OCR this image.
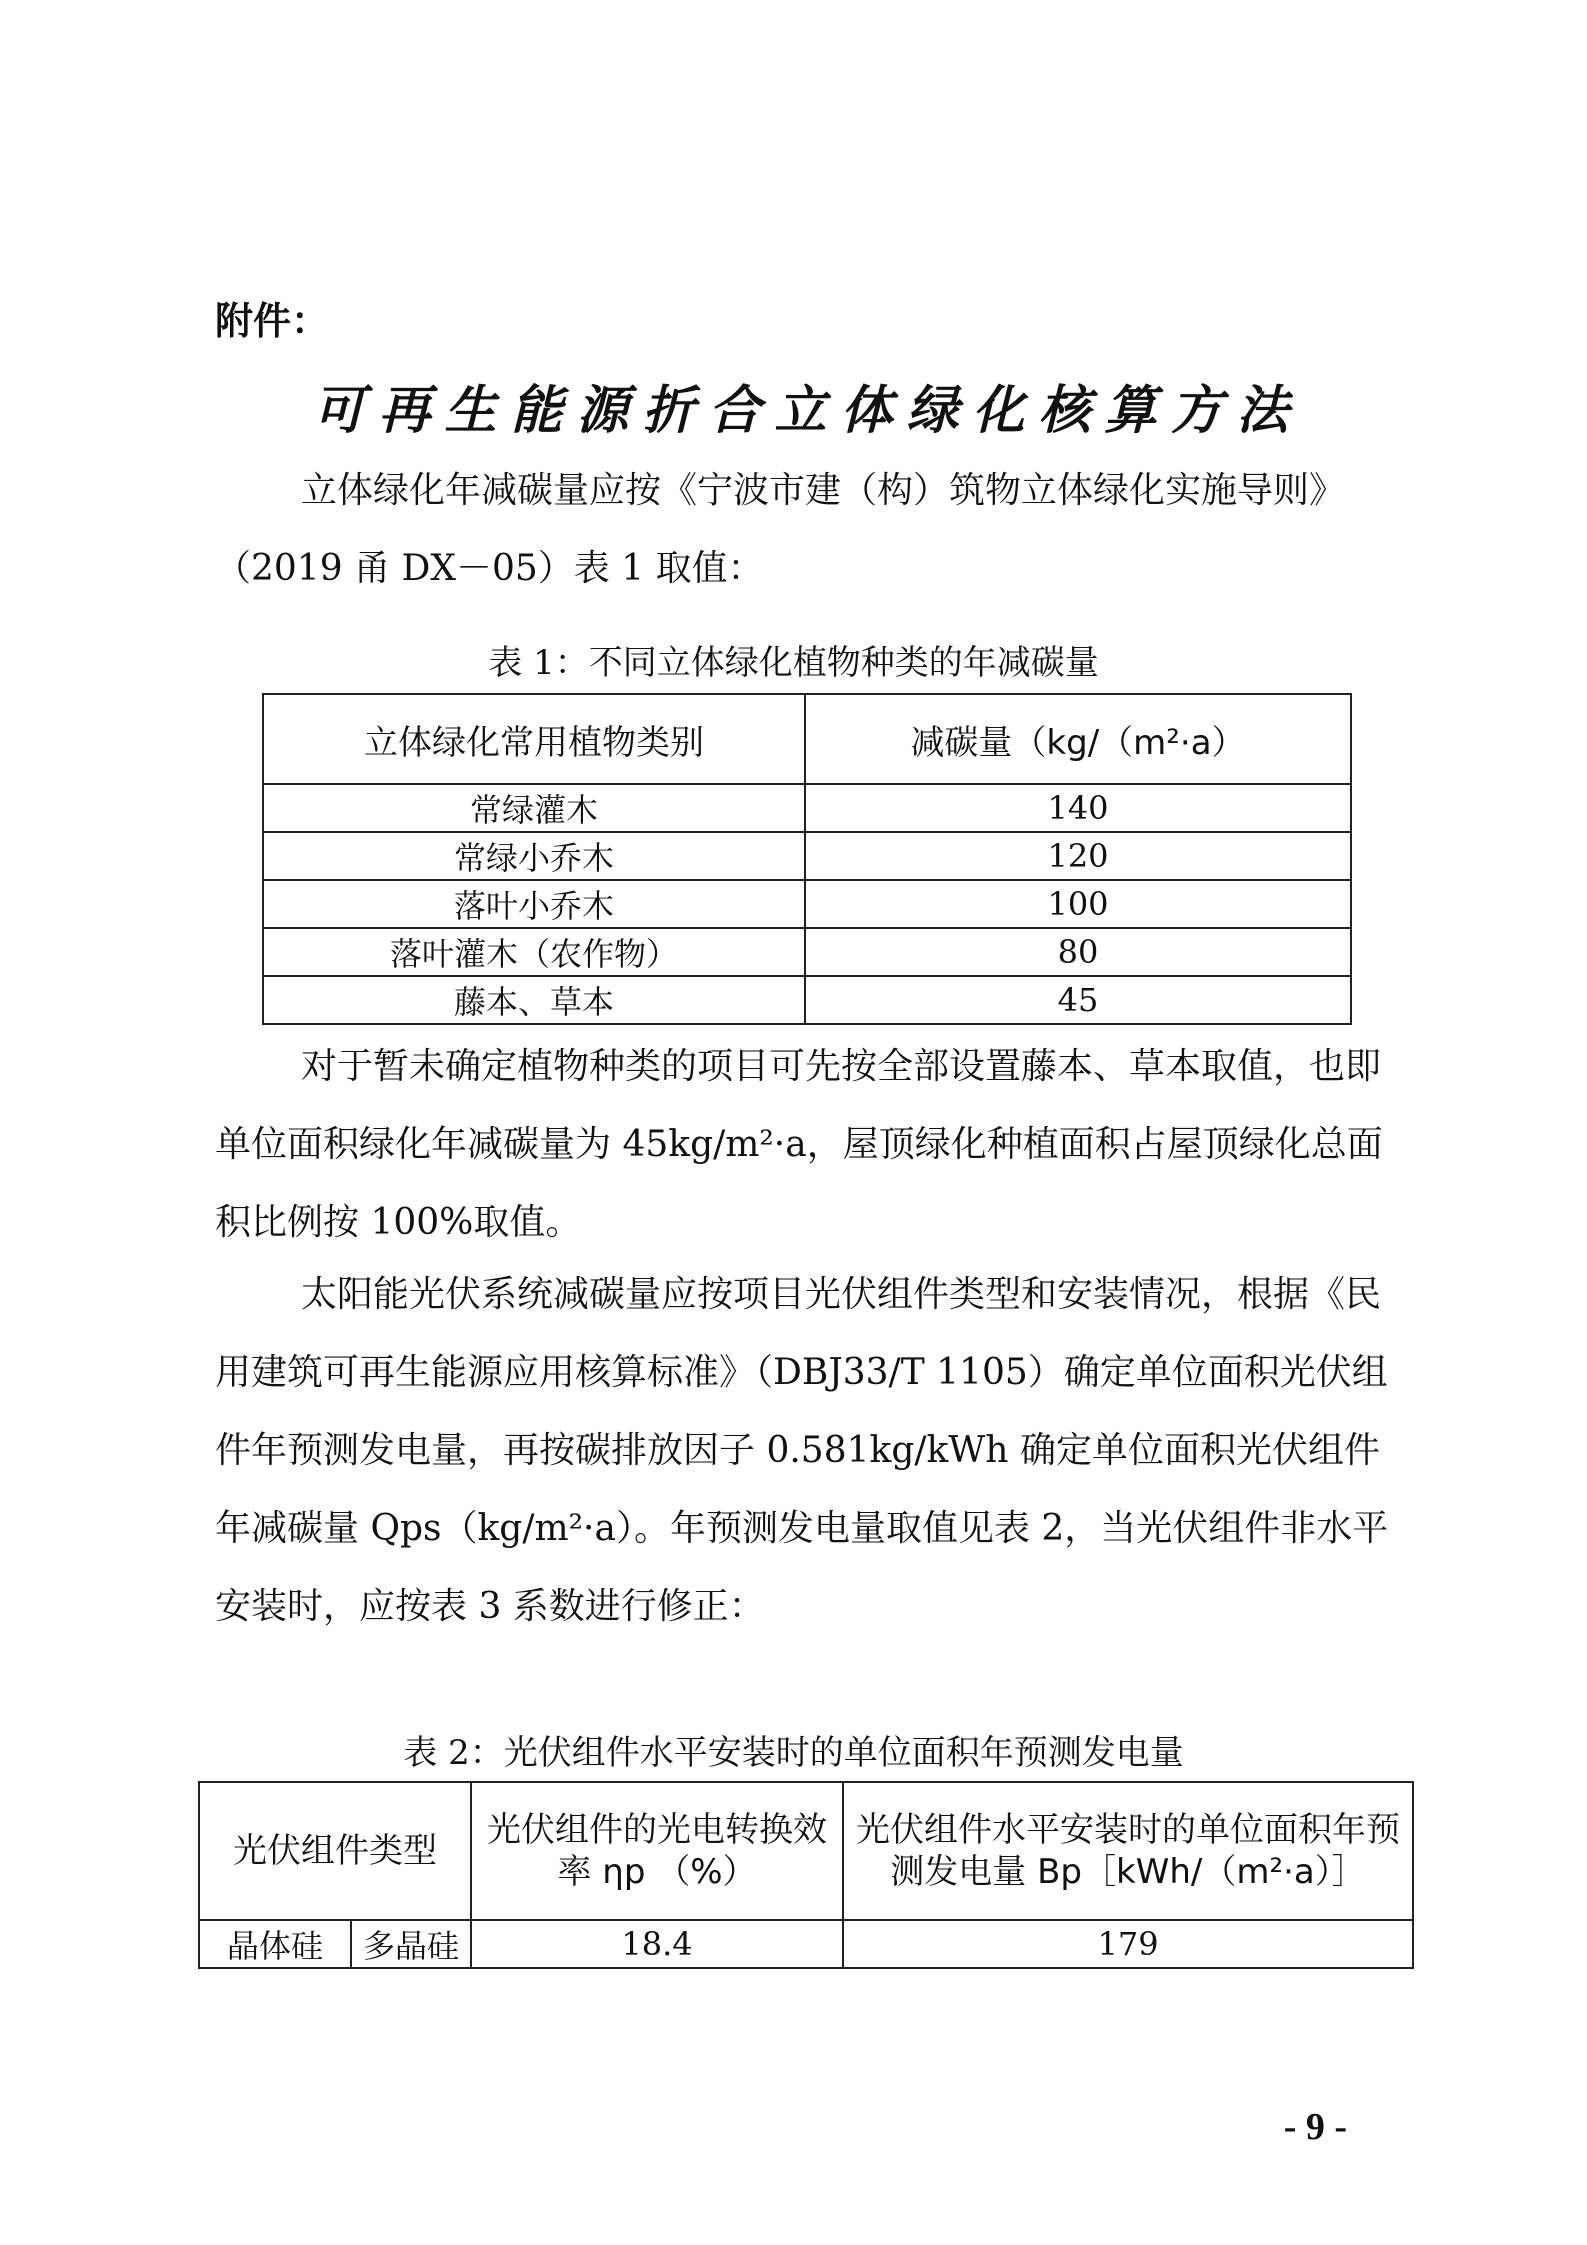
附件：
可再生能源折合立体绿化核算方法

立体绿化年减碳量应按《宁波市建（构）筑物立体绿化实施导则》（2019 甬 DX－05）表 1 取值：

表 1：不同立体绿化植物种类的年减碳量
立体绿化常用植物类别	减碳量（kg/（m²·a）
常绿灌木	140
常绿小乔木	120
落叶小乔木	100
落叶灌木（农作物）	80
藤本、草本	45

对于暂未确定植物种类的项目可先按全部设置藤本、草本取值，也即单位面积绿化年减碳量为 45kg/m²·a，屋顶绿化种植面积占屋顶绿化总面积比例按 100%取值。

太阳能光伏系统减碳量应按项目光伏组件类型和安装情况，根据《民用建筑可再生能源应用核算标准》（DBJ33/T 1105）确定单位面积光伏组件年预测发电量，再按碳排放因子 0.581kg/kWh 确定单位面积光伏组件年减碳量 Qps（kg/m²·a）。年预测发电量取值见表 2，当光伏组件非水平安装时，应按表 3 系数进行修正：

表 2：光伏组件水平安装时的单位面积年预测发电量
光伏组件类型		光伏组件的光电转换效率 ηp （%）	光伏组件水平安装时的单位面积年预测发电量 Bp［kWh/（m²·a）］
晶体硅	多晶硅	18.4	179
- 9 -
